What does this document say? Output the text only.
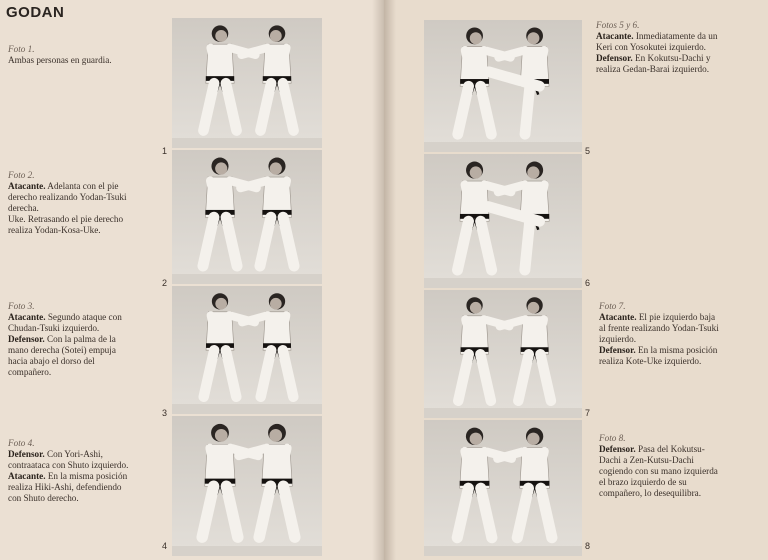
GODAN
Foto 1.
Ambas personas en guardia.
Foto 2.
Atacante. Adelanta con el pie
derecho realizando Yodan-Tsuki
derecha.
Uke. Retrasando el pie derecho
realiza Yodan-Kosa-Uke.
Foto 3.
Atacante. Segundo ataque con
Chudan-Tsuki izquierdo.
Defensor. Con la palma de la
mano derecha (Sotei) empuja
hacia abajo el dorso del
compañero.
Foto 4.
Defensor. Con Yori-Ashi,
contraataca con Shuto izquierdo.
Atacante. En la misma posición
realiza Hiki-Ashi, defendiendo
con Shuto derecho.
Fotos 5 y 6.
Atacante. Inmediatamente da un
Keri con Yosokutei izquierdo.
Defensor. En Kokutsu-Dachi y
realiza Gedan-Barai izquierdo.
Foto 7.
Atacante. El pie izquierdo baja
al frente realizando Yodan-Tsuki
izquierdo.
Defensor. En la misma posición
realiza Kote-Uke izquierdo.
Foto 8.
Defensor. Pasa del Kokutsu-
Dachi a Zen-Kutsu-Dachi
cogiendo con su mano izquierda
el brazo izquierdo de su
compañero, lo desequilibra.
1
2
3
4
5
6
7
8
